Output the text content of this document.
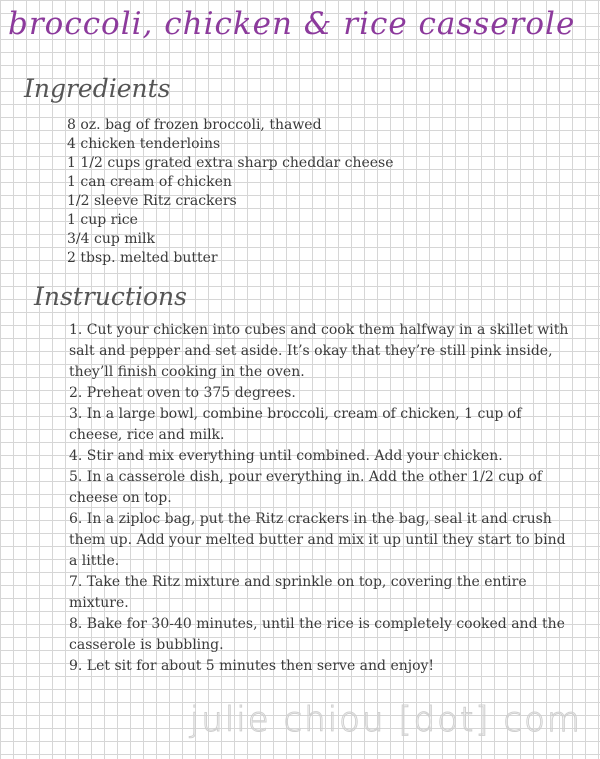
broccoli, chicken & rice casserole
Ingredients
8 oz. bag of frozen broccoli, thawed
4 chicken tenderloins
1 1/2 cups grated extra sharp cheddar cheese
1 can cream of chicken
1/2 sleeve Ritz crackers
1 cup rice
3/4 cup milk
2 tbsp. melted butter
Instructions
1. Cut your chicken into cubes and cook them halfway in a skillet with salt and pepper and set aside. It’s okay that they’re still pink inside, they’ll finish cooking in the oven.
2. Preheat oven to 375 degrees.
3. In a large bowl, combine broccoli, cream of chicken, 1 cup of cheese, rice and milk.
4. Stir and mix everything until combined. Add your chicken.
5. In a casserole dish, pour everything in. Add the other 1/2 cup of cheese on top.
6. In a ziploc bag, put the Ritz crackers in the bag, seal it and crush them up. Add your melted butter and mix it up until they start to bind a little.
7. Take the Ritz mixture and sprinkle on top, covering the entire mixture.
8. Bake for 30-40 minutes, until the rice is completely cooked and the casserole is bubbling.
9. Let sit for about 5 minutes then serve and enjoy!
julie chiou [dot] com
